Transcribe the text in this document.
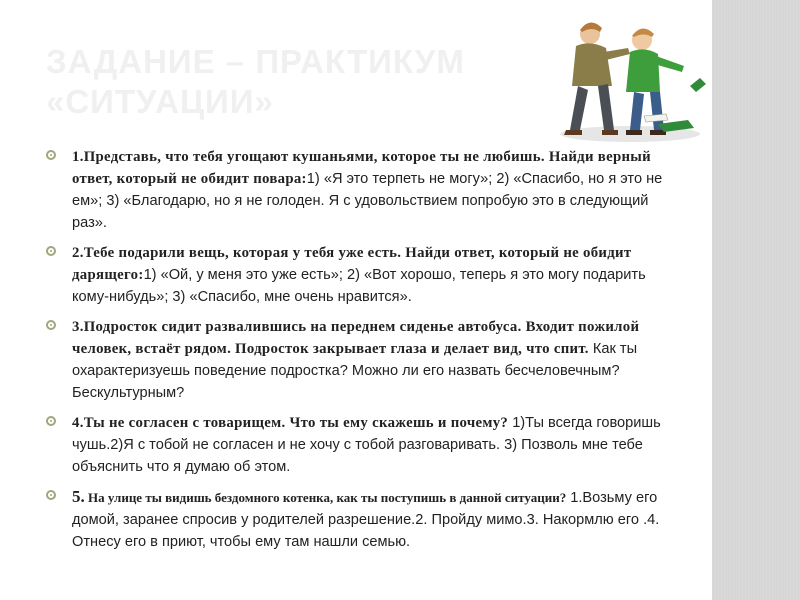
ЗАДАНИЕ – ПРАКТИКУМ «СИТУАЦИИ»
1.Представь, что тебя угощают кушаньями, которое ты не любишь. Найди верный ответ, который не обидит повара:1) «Я это терпеть не могу»; 2) «Спасибо, но я это не ем»; 3) «Благодарю, но я не голоден. Я с удовольствием попробую это в следующий раз».
2.Тебе подарили вещь, которая у тебя уже есть. Найди ответ, который не обидит дарящего:1) «Ой, у меня это уже есть»; 2) «Вот хорошо, теперь я это могу подарить кому-нибудь»; 3) «Спасибо, мне очень нравится».
3.Подросток сидит развалившись на переднем сиденье автобуса. Входит пожилой человек, встаёт рядом. Подросток закрывает глаза и делает вид, что спит. Как ты охарактеризуешь поведение подростка? Можно ли его назвать бесчеловечным? Бескультурным?
4.Ты не согласен с товарищем. Что ты ему скажешь и почему? 1)Ты всегда говоришь чушь.2)Я с тобой не согласен и не хочу с тобой разговаривать. 3) Позволь мне тебе объяснить что я думаю об этом.
5. На улице ты видишь бездомного котенка, как ты поступишь в данной ситуации? 1.Возьму его домой, заранее спросив у родителей разрешение.2. Пройду мимо.3. Накормлю его .4. Отнесу его в приют, чтобы ему там нашли семью.
